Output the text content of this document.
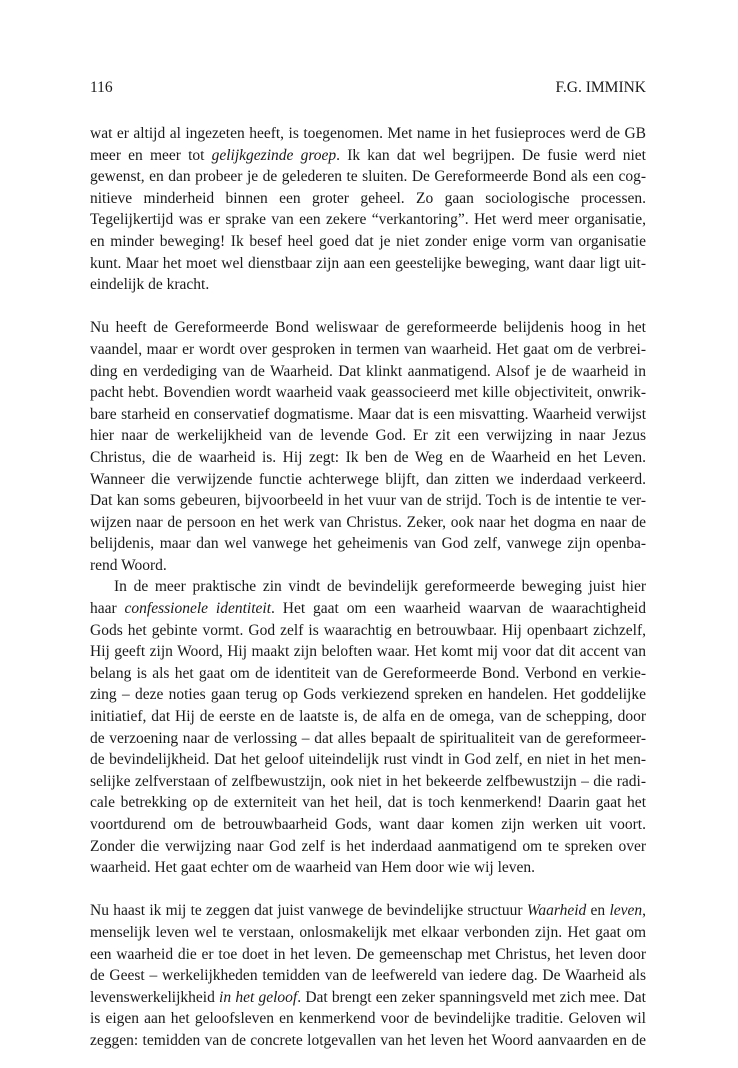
116	F.G. IMMINK
wat er altijd al ingezeten heeft, is toegenomen. Met name in het fusieproces werd de GB
meer en meer tot gelijkgezinde groep. Ik kan dat wel begrijpen. De fusie werd niet
gewenst, en dan probeer je de gelederen te sluiten. De Gereformeerde Bond als een cog-
nitieve minderheid binnen een groter geheel. Zo gaan sociologische processen.
Tegelijkertijd was er sprake van een zekere “verkantoring”. Het werd meer organisatie,
en minder beweging! Ik besef heel goed dat je niet zonder enige vorm van organisatie
kunt. Maar het moet wel dienstbaar zijn aan een geestelijke beweging, want daar ligt uit-
eindelijk de kracht.
Nu heeft de Gereformeerde Bond weliswaar de gereformeerde belijdenis hoog in het
vaandel, maar er wordt over gesproken in termen van waarheid. Het gaat om de verbrei-
ding en verdediging van de Waarheid. Dat klinkt aanmatigend. Alsof je de waarheid in
pacht hebt. Bovendien wordt waarheid vaak geassocieerd met kille objectiviteit, onwrik-
bare starheid en conservatief dogmatisme. Maar dat is een misvatting. Waarheid verwijst
hier naar de werkelijkheid van de levende God. Er zit een verwijzing in naar Jezus
Christus, die de waarheid is. Hij zegt: Ik ben de Weg en de Waarheid en het Leven.
Wanneer die verwijzende functie achterwege blijft, dan zitten we inderdaad verkeerd.
Dat kan soms gebeuren, bijvoorbeeld in het vuur van de strijd. Toch is de intentie te ver-
wijzen naar de persoon en het werk van Christus. Zeker, ook naar het dogma en naar de
belijdenis, maar dan wel vanwege het geheimenis van God zelf, vanwege zijn openba-
rend Woord.
In de meer praktische zin vindt de bevindelijk gereformeerde beweging juist hier
haar confessionele identiteit. Het gaat om een waarheid waarvan de waarachtigheid
Gods het gebinte vormt. God zelf is waarachtig en betrouwbaar. Hij openbaart zichzelf,
Hij geeft zijn Woord, Hij maakt zijn beloften waar. Het komt mij voor dat dit accent van
belang is als het gaat om de identiteit van de Gereformeerde Bond. Verbond en verkie-
zing – deze noties gaan terug op Gods verkiezend spreken en handelen. Het goddelijke
initiatief, dat Hij de eerste en de laatste is, de alfa en de omega, van de schepping, door
de verzoening naar de verlossing – dat alles bepaalt de spiritualiteit van de gereformeer-
de bevindelijkheid. Dat het geloof uiteindelijk rust vindt in God zelf, en niet in het men-
selijke zelfverstaan of zelfbewustzijn, ook niet in het bekeerde zelfbewustzijn – die radi-
cale betrekking op de externiteit van het heil, dat is toch kenmerkend! Daarin gaat het
voortdurend om de betrouwbaarheid Gods, want daar komen zijn werken uit voort.
Zonder die verwijzing naar God zelf is het inderdaad aanmatigend om te spreken over
waarheid. Het gaat echter om de waarheid van Hem door wie wij leven.
Nu haast ik mij te zeggen dat juist vanwege de bevindelijke structuur Waarheid en leven,
menselijk leven wel te verstaan, onlosmakelijk met elkaar verbonden zijn. Het gaat om
een waarheid die er toe doet in het leven. De gemeenschap met Christus, het leven door
de Geest – werkelijkheden temidden van de leefwereld van iedere dag. De Waarheid als
levenswerkelijkheid in het geloof. Dat brengt een zeker spanningsveld met zich mee. Dat
is eigen aan het geloofsleven en kenmerkend voor de bevindelijke traditie. Geloven wil
zeggen: temidden van de concrete lotgevallen van het leven het Woord aanvaarden en de
